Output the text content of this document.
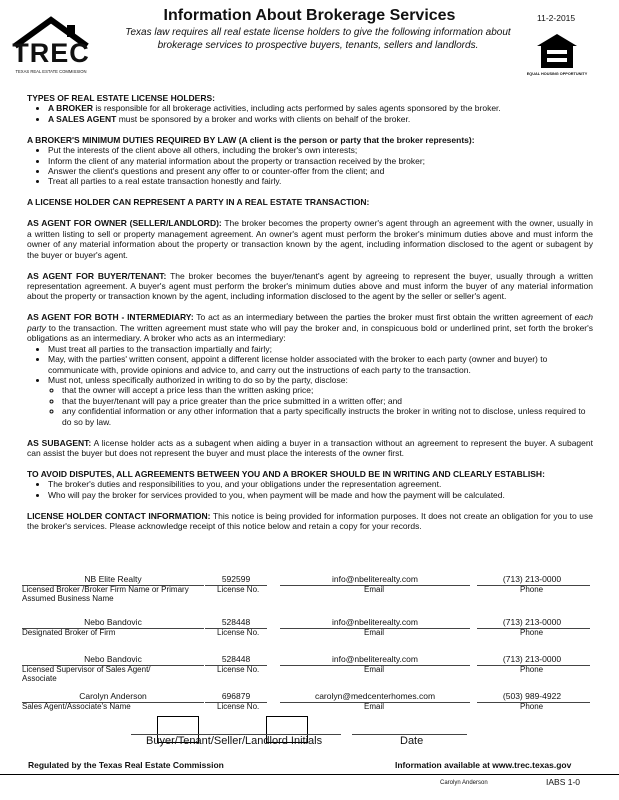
TREC
TEXAS REAL ESTATE COMMISSION
Information About Brokerage Services
Texas law requires all real estate license holders to give the following information about brokerage services to prospective buyers, tenants, sellers and landlords.
11-2-2015
EQUAL HOUSING OPPORTUNITY

TYPES OF REAL ESTATE LICENSE HOLDERS:

• A BROKER is responsible for all brokerage activities, including acts performed by sales agents sponsored by the broker.
• A SALES AGENT must be sponsored by a broker and works with clients on behalf of the broker.

A BROKER'S MINIMUM DUTIES REQUIRED BY LAW (A client is the person or party that the broker represents):

• Put the interests of the client above all others, including the broker's own interests;
• Inform the client of any material information about the property or transaction received by the broker;
• Answer the client's questions and present any offer to or counter-offer from the client; and
• Treat all parties to a real estate transaction honestly and fairly.

A LICENSE HOLDER CAN REPRESENT A PARTY IN A REAL ESTATE TRANSACTION:

AS AGENT FOR OWNER (SELLER/LANDLORD): The broker becomes the property owner's agent through an agreement with the owner, usually in a written listing to sell or property management agreement. An owner's agent must perform the broker's minimum duties above and must inform the owner of any material information about the property or transaction known by the agent, including information disclosed to the agent or subagent by the buyer or buyer's agent.

AS AGENT FOR BUYER/TENANT: The broker becomes the buyer/tenant's agent by agreeing to represent the buyer, usually through a written representation agreement. A buyer's agent must perform the broker's minimum duties above and must inform the buyer of any material information about the property or transaction known by the agent, including information disclosed to the agent by the seller or seller's agent.

AS AGENT FOR BOTH - INTERMEDIARY: To act as an intermediary between the parties the broker must first obtain the written agreement of each party to the transaction. The written agreement must state who will pay the broker and, in conspicuous bold or underlined print, set forth the broker's obligations as an intermediary. A broker who acts as an intermediary:

• Must treat all parties to the transaction impartially and fairly;
• May, with the parties' written consent, appoint a different license holder associated with the broker to each party (owner and buyer) to communicate with, provide opinions and advice to, and carry out the instructions of each party to the transaction.
• Must not, unless specifically authorized in writing to do so by the party, disclose:
◦ that the owner will accept a price less than the written asking price;
◦ that the buyer/tenant will pay a price greater than the price submitted in a written offer; and
◦ any confidential information or any other information that a party specifically instructs the broker in writing not to disclose, unless required to do so by law.

AS SUBAGENT: A license holder acts as a subagent when aiding a buyer in a transaction without an agreement to represent the buyer. A subagent can assist the buyer but does not represent the buyer and must place the interests of the owner first.

TO AVOID DISPUTES, ALL AGREEMENTS BETWEEN YOU AND A BROKER SHOULD BE IN WRITING AND CLEARLY ESTABLISH:

• The broker's duties and responsibilities to you, and your obligations under the representation agreement.
• Who will pay the broker for services provided to you, when payment will be made and how the payment will be calculated.

LICENSE HOLDER CONTACT INFORMATION: This notice is being provided for information purposes. It does not create an obligation for you to use the broker's services. Please acknowledge receipt of this notice below and retain a copy for your records.

NB Elite Realty	592599	info@nbeliterealty.com	(713) 213-0000
Licensed Broker /Broker Firm Name or Primary Assumed Business Name
License No.	Email	Phone
Nebo Bandovic	528448	info@nbeliterealty.com	(713) 213-0000
Designated Broker of Firm	License No.	Email	Phone
Nebo Bandovic	528448	info@nbeliterealty.com	(713) 213-0000
Licensed Supervisor of Sales Agent/ Associate
License No.	Email	Phone
Carolyn Anderson	696879	carolyn@medcenterhomes.com	(503) 989-4922
Sales Agent/Associate's Name	License No.	Email	Phone
Buyer/Tenant/Seller/Landlord Initials	Date
Regulated by the Texas Real Estate Commission	Information available at www.trec.texas.gov
Carolyn Anderson	IABS 1-0
